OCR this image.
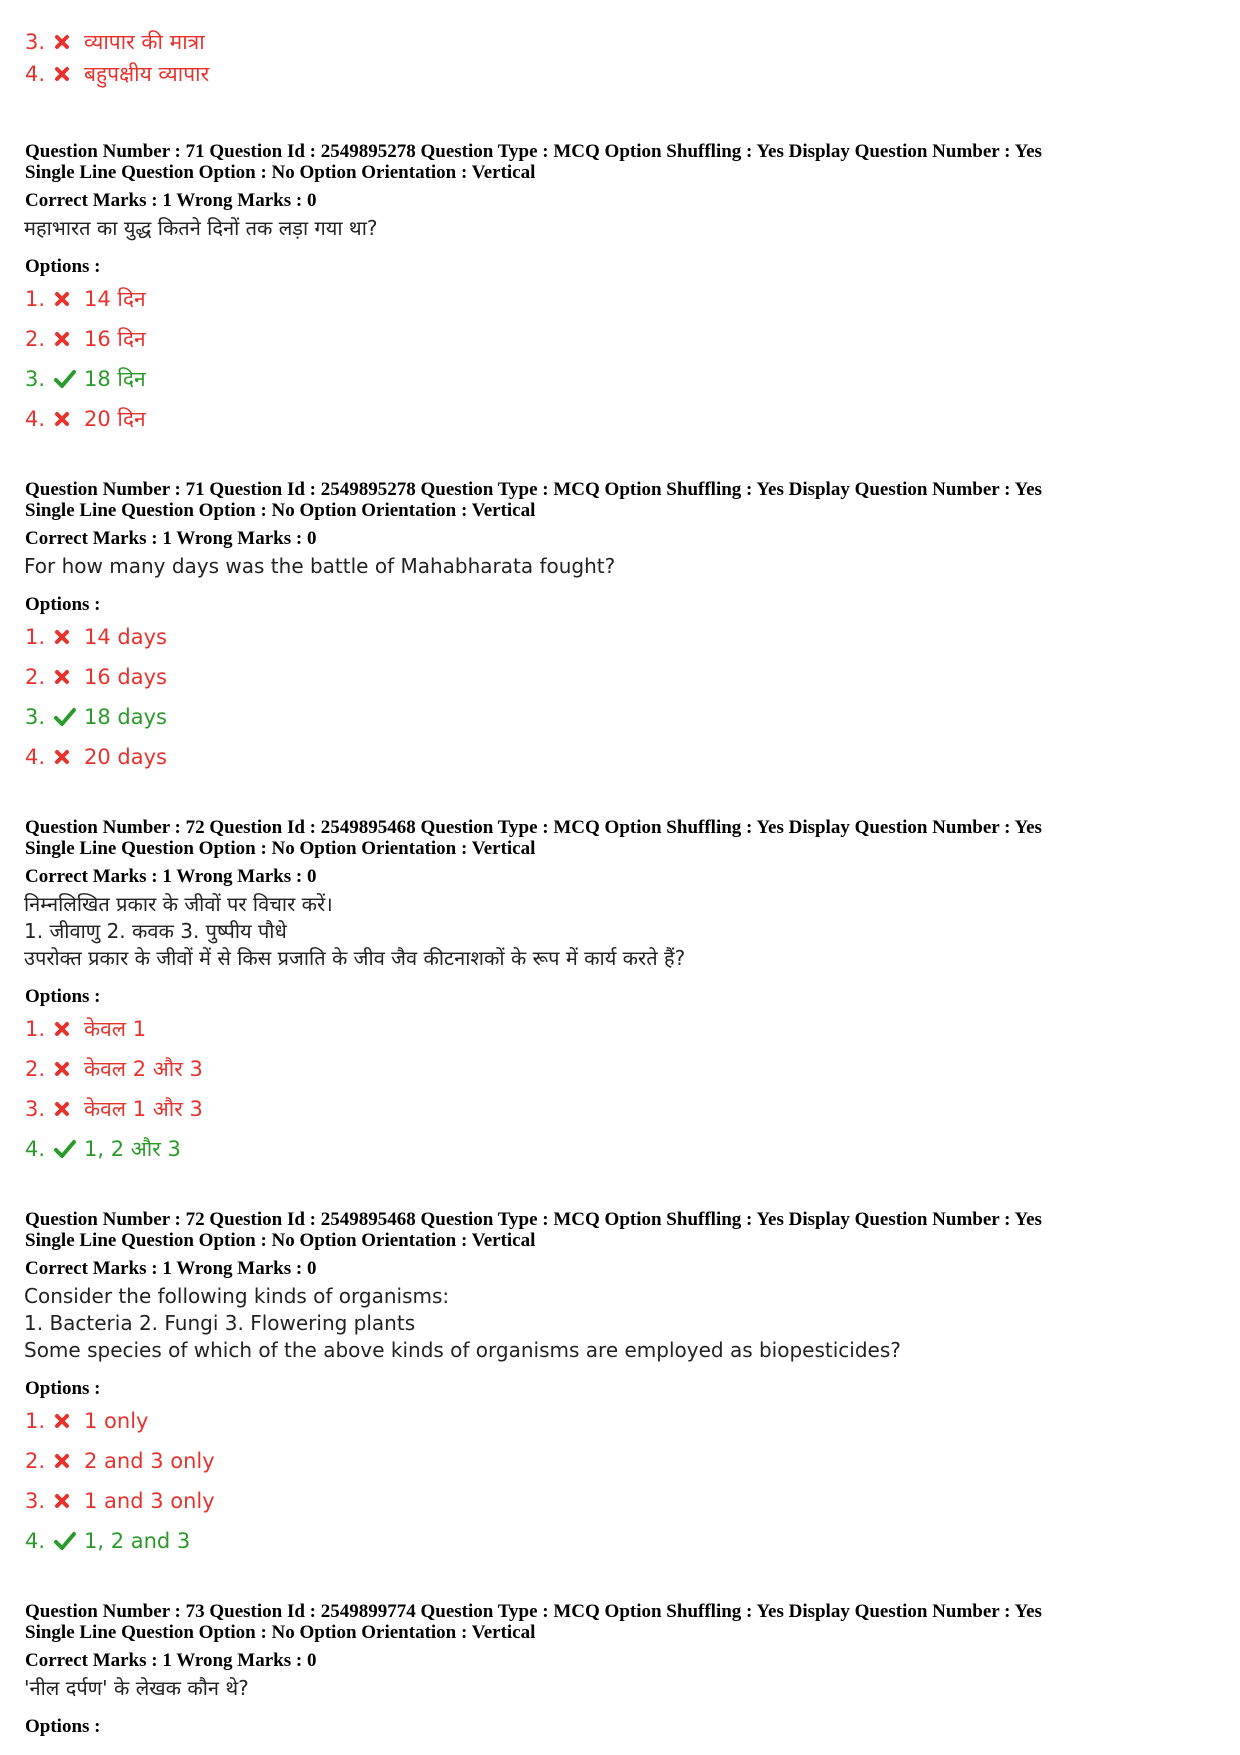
3.	व्यापार की मात्रा
4.	बहुपक्षीय व्यापार
Question Number : 71 Question Id : 2549895278 Question Type : MCQ Option Shuffling : Yes Display Question Number : Yes
Single Line Question Option : No Option Orientation : Vertical
Correct Marks : 1 Wrong Marks : 0
महाभारत का युद्ध कितने दिनों तक लड़ा गया था?
Options :
1.	14 दिन
2.	16 दिन
3.	18 दिन
4.	20 दिन
Question Number : 71 Question Id : 2549895278 Question Type : MCQ Option Shuffling : Yes Display Question Number : Yes
Single Line Question Option : No Option Orientation : Vertical
Correct Marks : 1 Wrong Marks : 0
For how many days was the battle of Mahabharata fought?
Options :
1.	14 days
2.	16 days
3.	18 days
4.	20 days
Question Number : 72 Question Id : 2549895468 Question Type : MCQ Option Shuffling : Yes Display Question Number : Yes
Single Line Question Option : No Option Orientation : Vertical
Correct Marks : 1 Wrong Marks : 0
निम्नलिखित प्रकार के जीवों पर विचार करें।
1. जीवाणु 2. कवक 3. पुष्पीय पौधे
उपरोक्त प्रकार के जीवों में से किस प्रजाति के जीव जैव कीटनाशकों के रूप में कार्य करते हैं?
Options :
1.	केवल 1
2.	केवल 2 और 3
3.	केवल 1 और 3
4.	1, 2 और 3
Question Number : 72 Question Id : 2549895468 Question Type : MCQ Option Shuffling : Yes Display Question Number : Yes
Single Line Question Option : No Option Orientation : Vertical
Correct Marks : 1 Wrong Marks : 0
Consider the following kinds of organisms:
1. Bacteria 2. Fungi 3. Flowering plants
Some species of which of the above kinds of organisms are employed as biopesticides?
Options :
1.	1 only
2.	2 and 3 only
3.	1 and 3 only
4.	1, 2 and 3
Question Number : 73 Question Id : 2549899774 Question Type : MCQ Option Shuffling : Yes Display Question Number : Yes
Single Line Question Option : No Option Orientation : Vertical
Correct Marks : 1 Wrong Marks : 0
'नील दर्पण' के लेखक कौन थे?
Options :
